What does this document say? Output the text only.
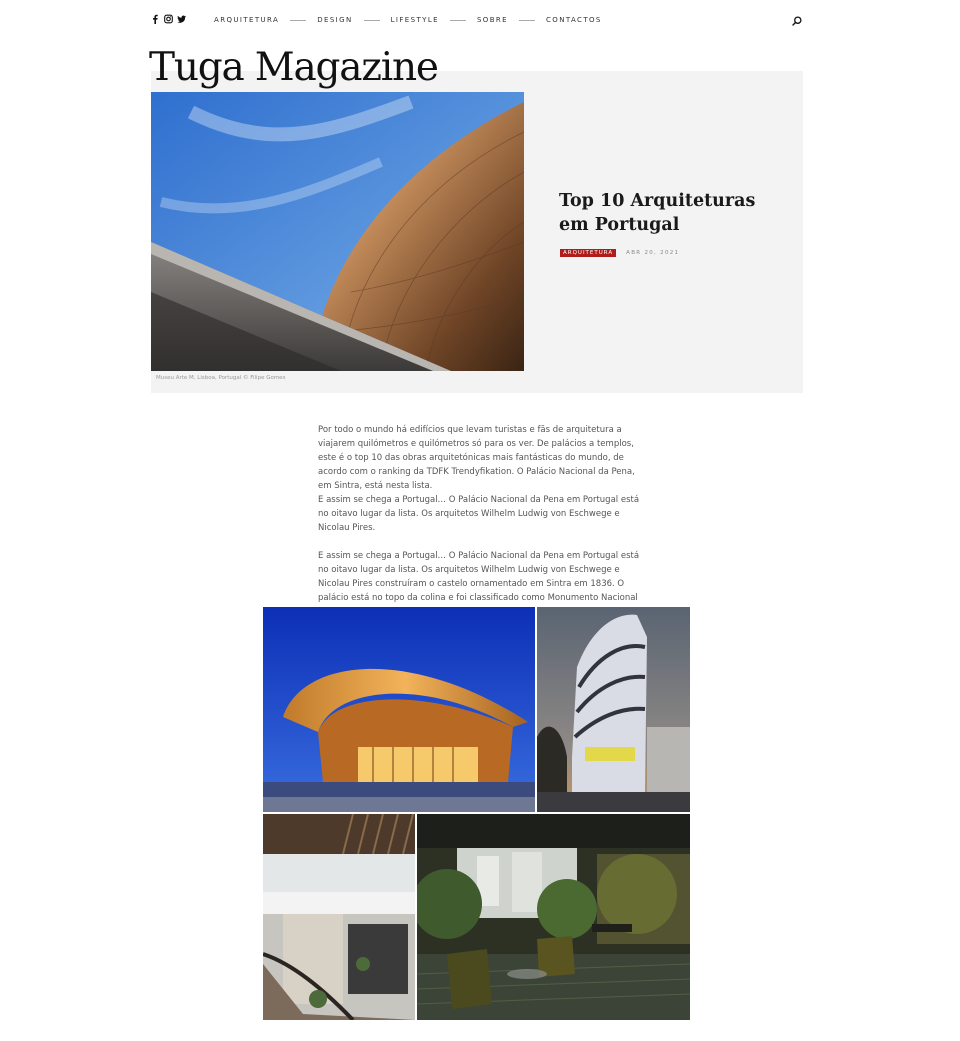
ARQUITETURA	DESIGN	LIFESTYLE	SOBRE	CONTACTOS
Tuga Magazine
Museu Arte M, Lisboa, Portugal © Filipe Gomes
Top 10 Arquiteturas em Portugal
ARQUITETURA	ABR 20, 2021

Por todo o mundo há edifícios que levam turistas e fãs de arquitetura a viajarem quilómetros e quilómetros só para os ver. De palácios a templos, este é o top 10 das obras arquitetónicas mais fantásticas do mundo, de acordo com o ranking da TDFK Trendyfikation. O Palácio Nacional da Pena, em Sintra, está nesta lista.
E assim se chega a Portugal… O Palácio Nacional da Pena em Portugal está no oitavo lugar da lista. Os arquitetos Wilhelm Ludwig von Eschwege e Nicolau Pires.

E assim se chega a Portugal… O Palácio Nacional da Pena em Portugal está no oitavo lugar da lista. Os arquitetos Wilhelm Ludwig von Eschwege e Nicolau Pires construíram o castelo ornamentado em Sintra em 1836. O palácio está no topo da colina e foi classificado como Monumento Nacional
